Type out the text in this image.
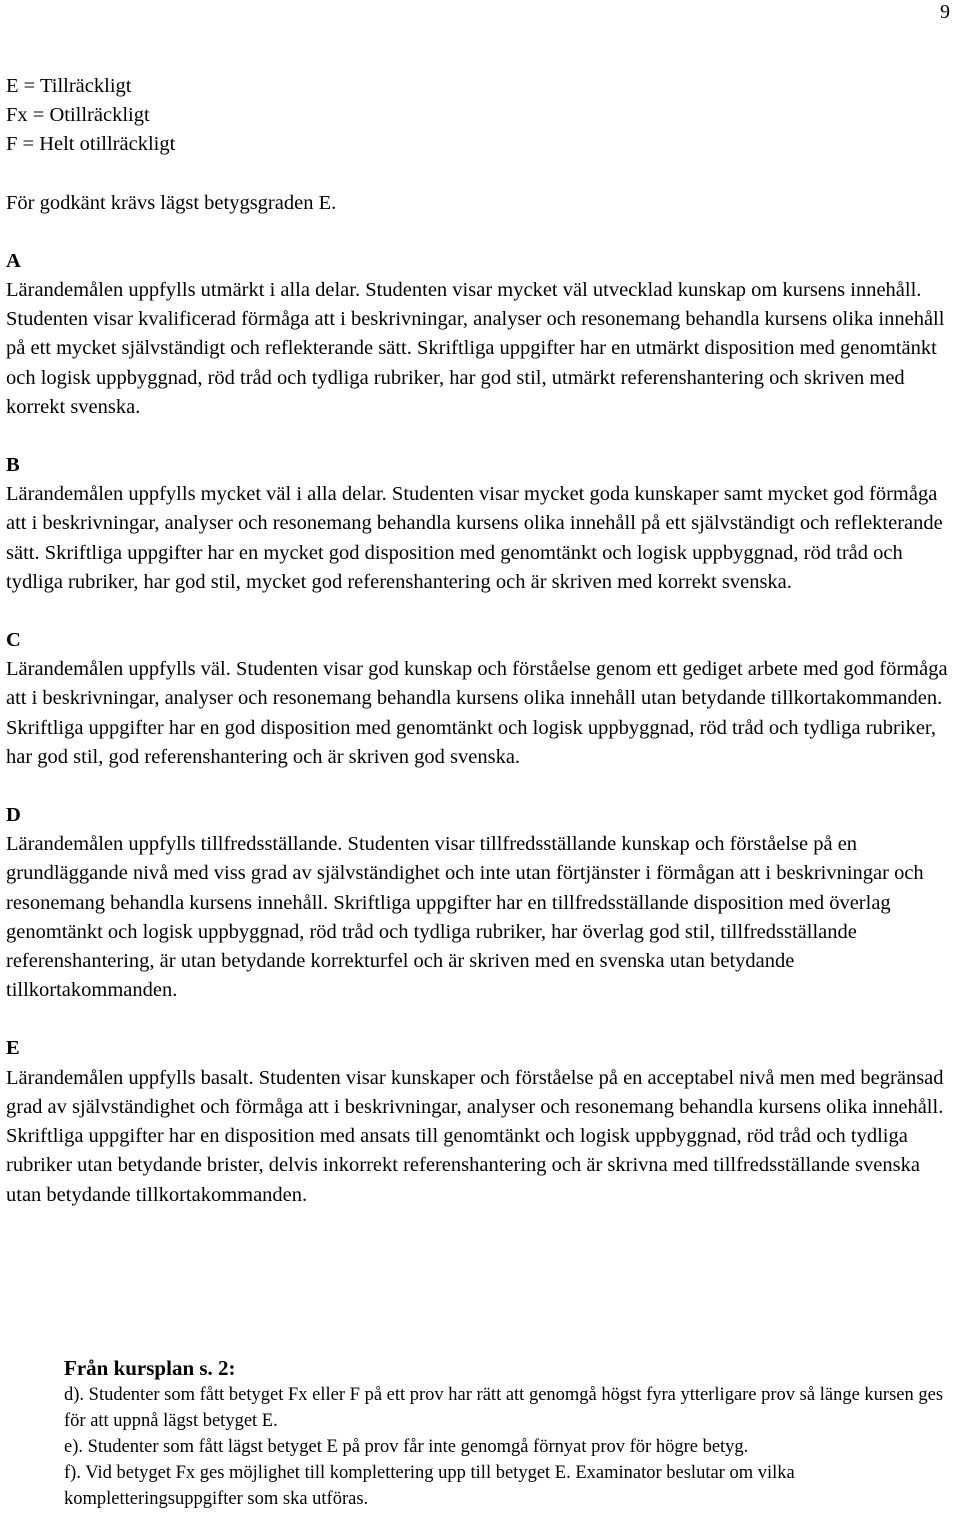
9

E = Tillräckligt

Fx = Otillräckligt

F = Helt otillräckligt

För godkänt krävs lägst betygsgraden E.

A

Lärandemålen uppfylls utmärkt i alla delar. Studenten visar mycket väl utvecklad kunskap om kursens innehåll. Studenten visar kvalificerad förmåga att i beskrivningar, analyser och resonemang behandla kursens olika innehåll på ett mycket självständigt och reflekterande sätt. Skriftliga uppgifter har en utmärkt disposition med genomtänkt och logisk uppbyggnad, röd tråd och tydliga rubriker, har god stil, utmärkt referenshantering och skriven med korrekt svenska.

B

Lärandemålen uppfylls mycket väl i alla delar. Studenten visar mycket goda kunskaper samt mycket god förmåga att i beskrivningar, analyser och resonemang behandla kursens olika innehåll på ett självständigt och reflekterande sätt. Skriftliga uppgifter har en mycket god disposition med genomtänkt och logisk uppbyggnad, röd tråd och tydliga rubriker, har god stil, mycket god referenshantering och är skriven med korrekt svenska.

C

Lärandemålen uppfylls väl. Studenten visar god kunskap och förståelse genom ett gediget arbete med god förmåga att i beskrivningar, analyser och resonemang behandla kursens olika innehåll utan betydande tillkortakommanden. Skriftliga uppgifter har en god disposition med genomtänkt och logisk uppbyggnad, röd tråd och tydliga rubriker, har god stil, god referenshantering och är skriven god svenska.

D

Lärandemålen uppfylls tillfredsställande. Studenten visar tillfredsställande kunskap och förståelse på en grundläggande nivå med viss grad av självständighet och inte utan förtjänster i förmågan att i beskrivningar och resonemang behandla kursens innehåll. Skriftliga uppgifter har en tillfredsställande disposition med överlag genomtänkt och logisk uppbyggnad, röd tråd och tydliga rubriker, har överlag god stil, tillfredsställande referenshantering, är utan betydande korrekturfel och är skriven med en svenska utan betydande tillkortakommanden.

E

Lärandemålen uppfylls basalt. Studenten visar kunskaper och förståelse på en acceptabel nivå men med begränsad grad av självständighet och förmåga att i beskrivningar, analyser och resonemang behandla kursens olika innehåll. Skriftliga uppgifter har en disposition med ansats till genomtänkt och logisk uppbyggnad, röd tråd och tydliga rubriker utan betydande brister, delvis inkorrekt referenshantering och är skrivna med tillfredsställande svenska utan betydande tillkortakommanden.

Från kursplan s. 2:

d). Studenter som fått betyget Fx eller F på ett prov har rätt att genomgå högst fyra ytterligare prov så länge kursen ges för att uppnå lägst betyget E.

e). Studenter som fått lägst betyget E på prov får inte genomgå förnyat prov för högre betyg.

f). Vid betyget Fx ges möjlighet till komplettering upp till betyget E. Examinator beslutar om vilka kompletteringsuppgifter som ska utföras.
